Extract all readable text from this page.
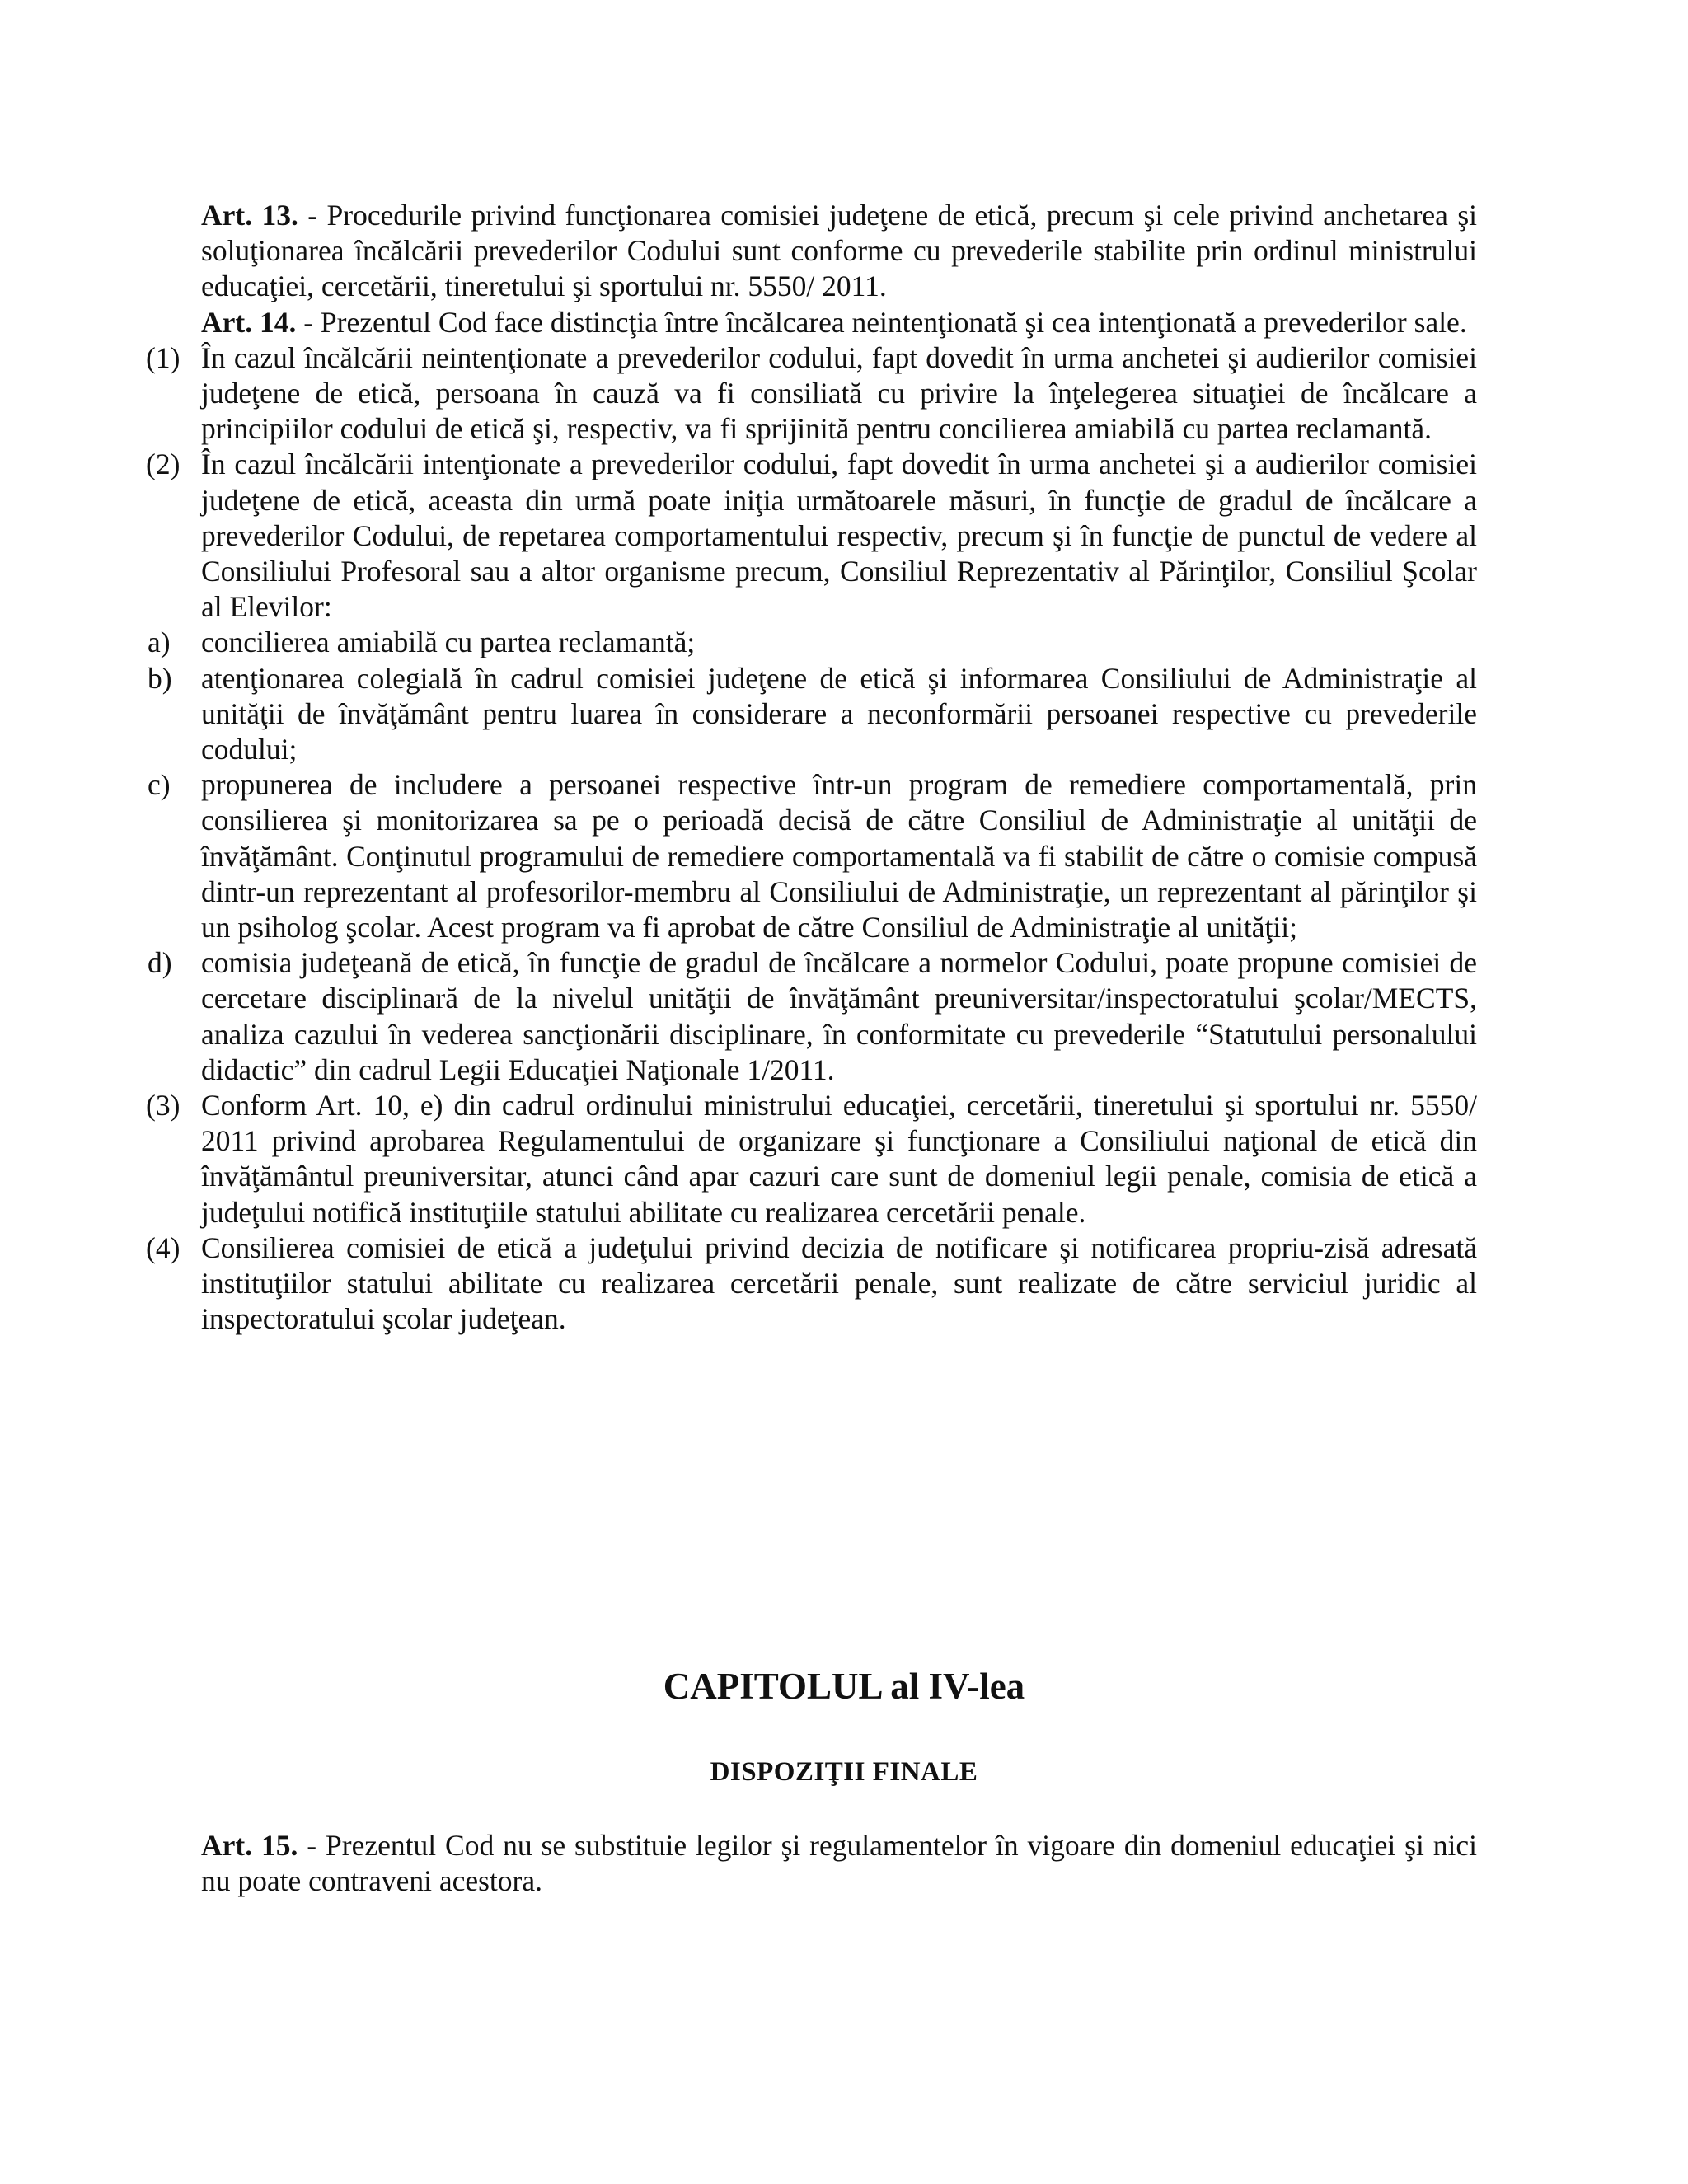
Art. 13. - Procedurile privind funcţionarea comisiei judeţene de etică, precum şi cele privind anchetarea şi soluţionarea încălcării prevederilor Codului sunt conforme cu prevederile stabilite prin ordinul ministrului educaţiei, cercetării, tineretului şi sportului nr. 5550/ 2011.

Art. 14. - Prezentul Cod face distincţia între încălcarea neintenţionată şi cea intenţionată a prevederilor sale.

(1) În cazul încălcării neintenţionate a prevederilor codului, fapt dovedit în urma anchetei şi audierilor comisiei judeţene de etică, persoana în cauză va fi consiliată cu privire la înţelegerea situaţiei de încălcare a principiilor codului de etică şi, respectiv, va fi sprijinită pentru concilierea amiabilă cu partea reclamantă.

(2) În cazul încălcării intenţionate a prevederilor codului, fapt dovedit în urma anchetei şi a audierilor comisiei judeţene de etică, aceasta din urmă poate iniţia următoarele măsuri, în funcţie de gradul de încălcare a prevederilor Codului, de repetarea comportamentului respectiv, precum şi în funcţie de punctul de vedere al Consiliului Profesoral sau a altor organisme precum, Consiliul Reprezentativ al Părinţilor, Consiliul Şcolar al Elevilor:

a) concilierea amiabilă cu partea reclamantă;

b) atenţionarea colegială în cadrul comisiei judeţene de etică şi informarea Consiliului de Administraţie al unităţii de învăţământ pentru luarea în considerare a neconformării persoanei respective cu prevederile codului;

c) propunerea de includere a persoanei respective într-un program de remediere comportamentală, prin consilierea şi monitorizarea sa pe o perioadă decisă de către Consiliul de Administraţie al unităţii de învăţământ. Conţinutul programului de remediere comportamentală va fi stabilit de către o comisie compusă dintr-un reprezentant al profesorilor-membru al Consiliului de Administraţie, un reprezentant al părinţilor şi un psiholog şcolar. Acest program va fi aprobat de către Consiliul de Administraţie al unităţii;

d) comisia judeţeană de etică, în funcţie de gradul de încălcare a normelor Codului, poate propune comisiei de cercetare disciplinară de la nivelul unităţii de învăţământ preuniversitar/inspectoratului şcolar/MECTS, analiza cazului în vederea sancţionării disciplinare, în conformitate cu prevederile “Statutului personalului didactic” din cadrul Legii Educaţiei Naţionale 1/2011.

(3) Conform Art. 10, e) din cadrul ordinului ministrului educaţiei, cercetării, tineretului şi sportului nr. 5550/ 2011 privind aprobarea Regulamentului de organizare şi funcţionare a Consiliului naţional de etică din învăţământul preuniversitar, atunci când apar cazuri care sunt de domeniul legii penale, comisia de etică a judeţului notifică instituţiile statului abilitate cu realizarea cercetării penale.

(4) Consilierea comisiei de etică a judeţului privind decizia de notificare şi notificarea propriu-zisă adresată instituţiilor statului abilitate cu realizarea cercetării penale, sunt realizate de către serviciul juridic al inspectoratului şcolar judeţean.

CAPITOLUL al IV-lea
DISPOZIŢII FINALE

Art. 15. - Prezentul Cod nu se substituie legilor şi regulamentelor în vigoare din domeniul educaţiei şi nici nu poate contraveni acestora.
